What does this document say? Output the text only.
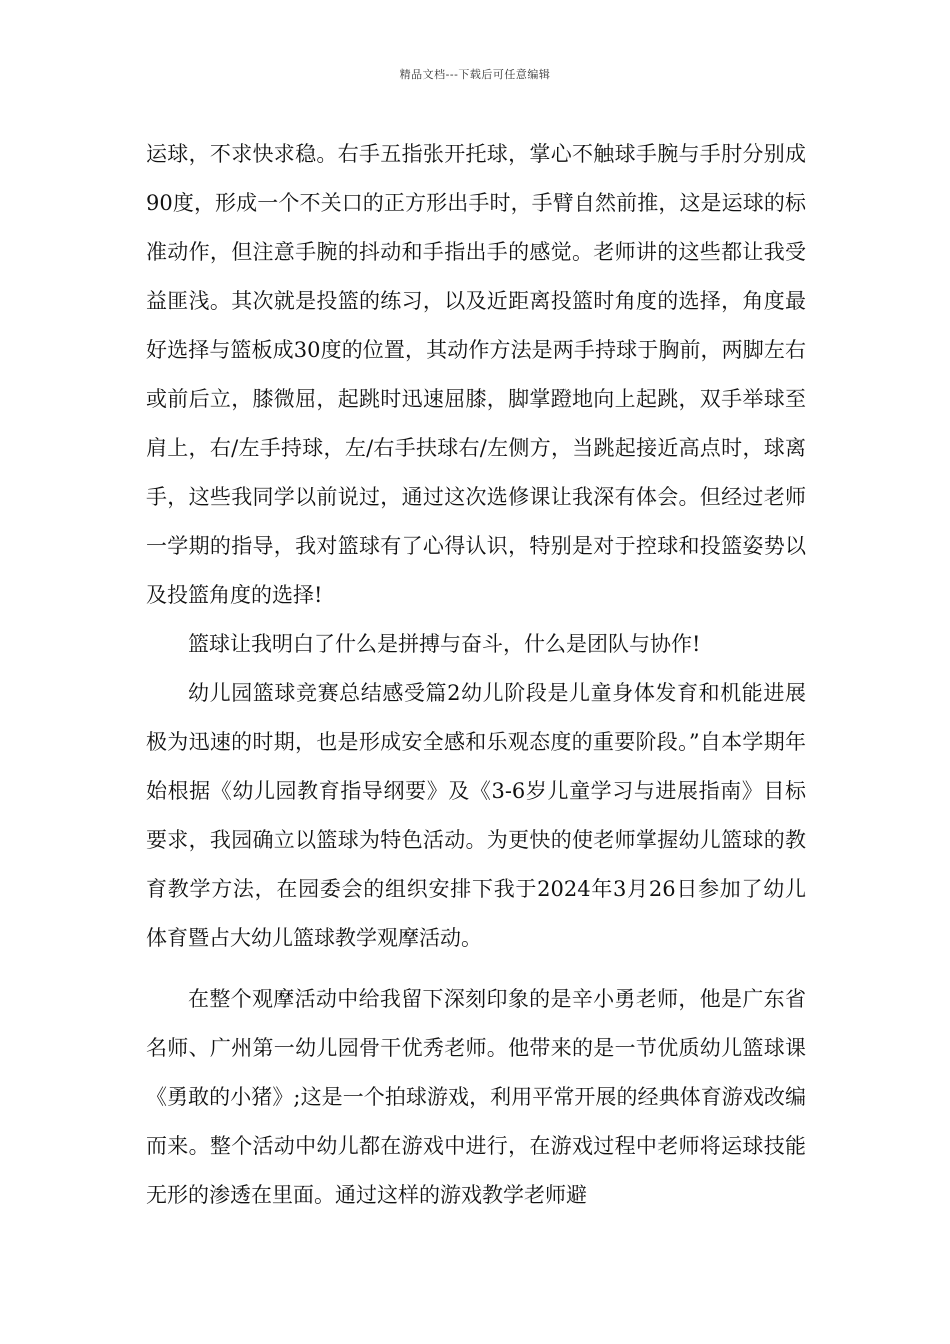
精品文档---下载后可任意编辑

运球，不求快求稳。右手五指张开托球，掌心不触球手腕与手肘分别成90度，形成一个不关口的正方形出手时，手臂自然前推，这是运球的标准动作，但注意手腕的抖动和手指出手的感觉。老师讲的这些都让我受益匪浅。其次就是投篮的练习，以及近距离投篮时角度的选择，角度最好选择与篮板成30度的位置，其动作方法是两手持球于胸前，两脚左右或前后立，膝微屈，起跳时迅速屈膝，脚掌蹬地向上起跳，双手举球至肩上，右/左手持球，左/右手扶球右/左侧方，当跳起接近高点时，球离手，这些我同学以前说过，通过这次选修课让我深有体会。但经过老师一学期的指导，我对篮球有了心得认识，特别是对于控球和投篮姿势以及投篮角度的选择!

篮球让我明白了什么是拼搏与奋斗，什么是团队与协作!

幼儿园篮球竞赛总结感受篇2幼儿阶段是儿童身体发育和机能进展极为迅速的时期，也是形成安全感和乐观态度的重要阶段。”自本学期年始根据《幼儿园教育指导纲要》及《3-6岁儿童学习与进展指南》目标要求，我园确立以篮球为特色活动。为更快的使老师掌握幼儿篮球的教育教学方法，在园委会的组织安排下我于2024年3月26日参加了幼儿体育暨占大幼儿篮球教学观摩活动。

在整个观摩活动中给我留下深刻印象的是辛小勇老师，他是广东省名师、广州第一幼儿园骨干优秀老师。他带来的是一节优质幼儿篮球课《勇敢的小猪》;这是一个拍球游戏，利用平常开展的经典体育游戏改编而来。整个活动中幼儿都在游戏中进行，在游戏过程中老师将运球技能无形的渗透在里面。通过这样的游戏教学老师避
